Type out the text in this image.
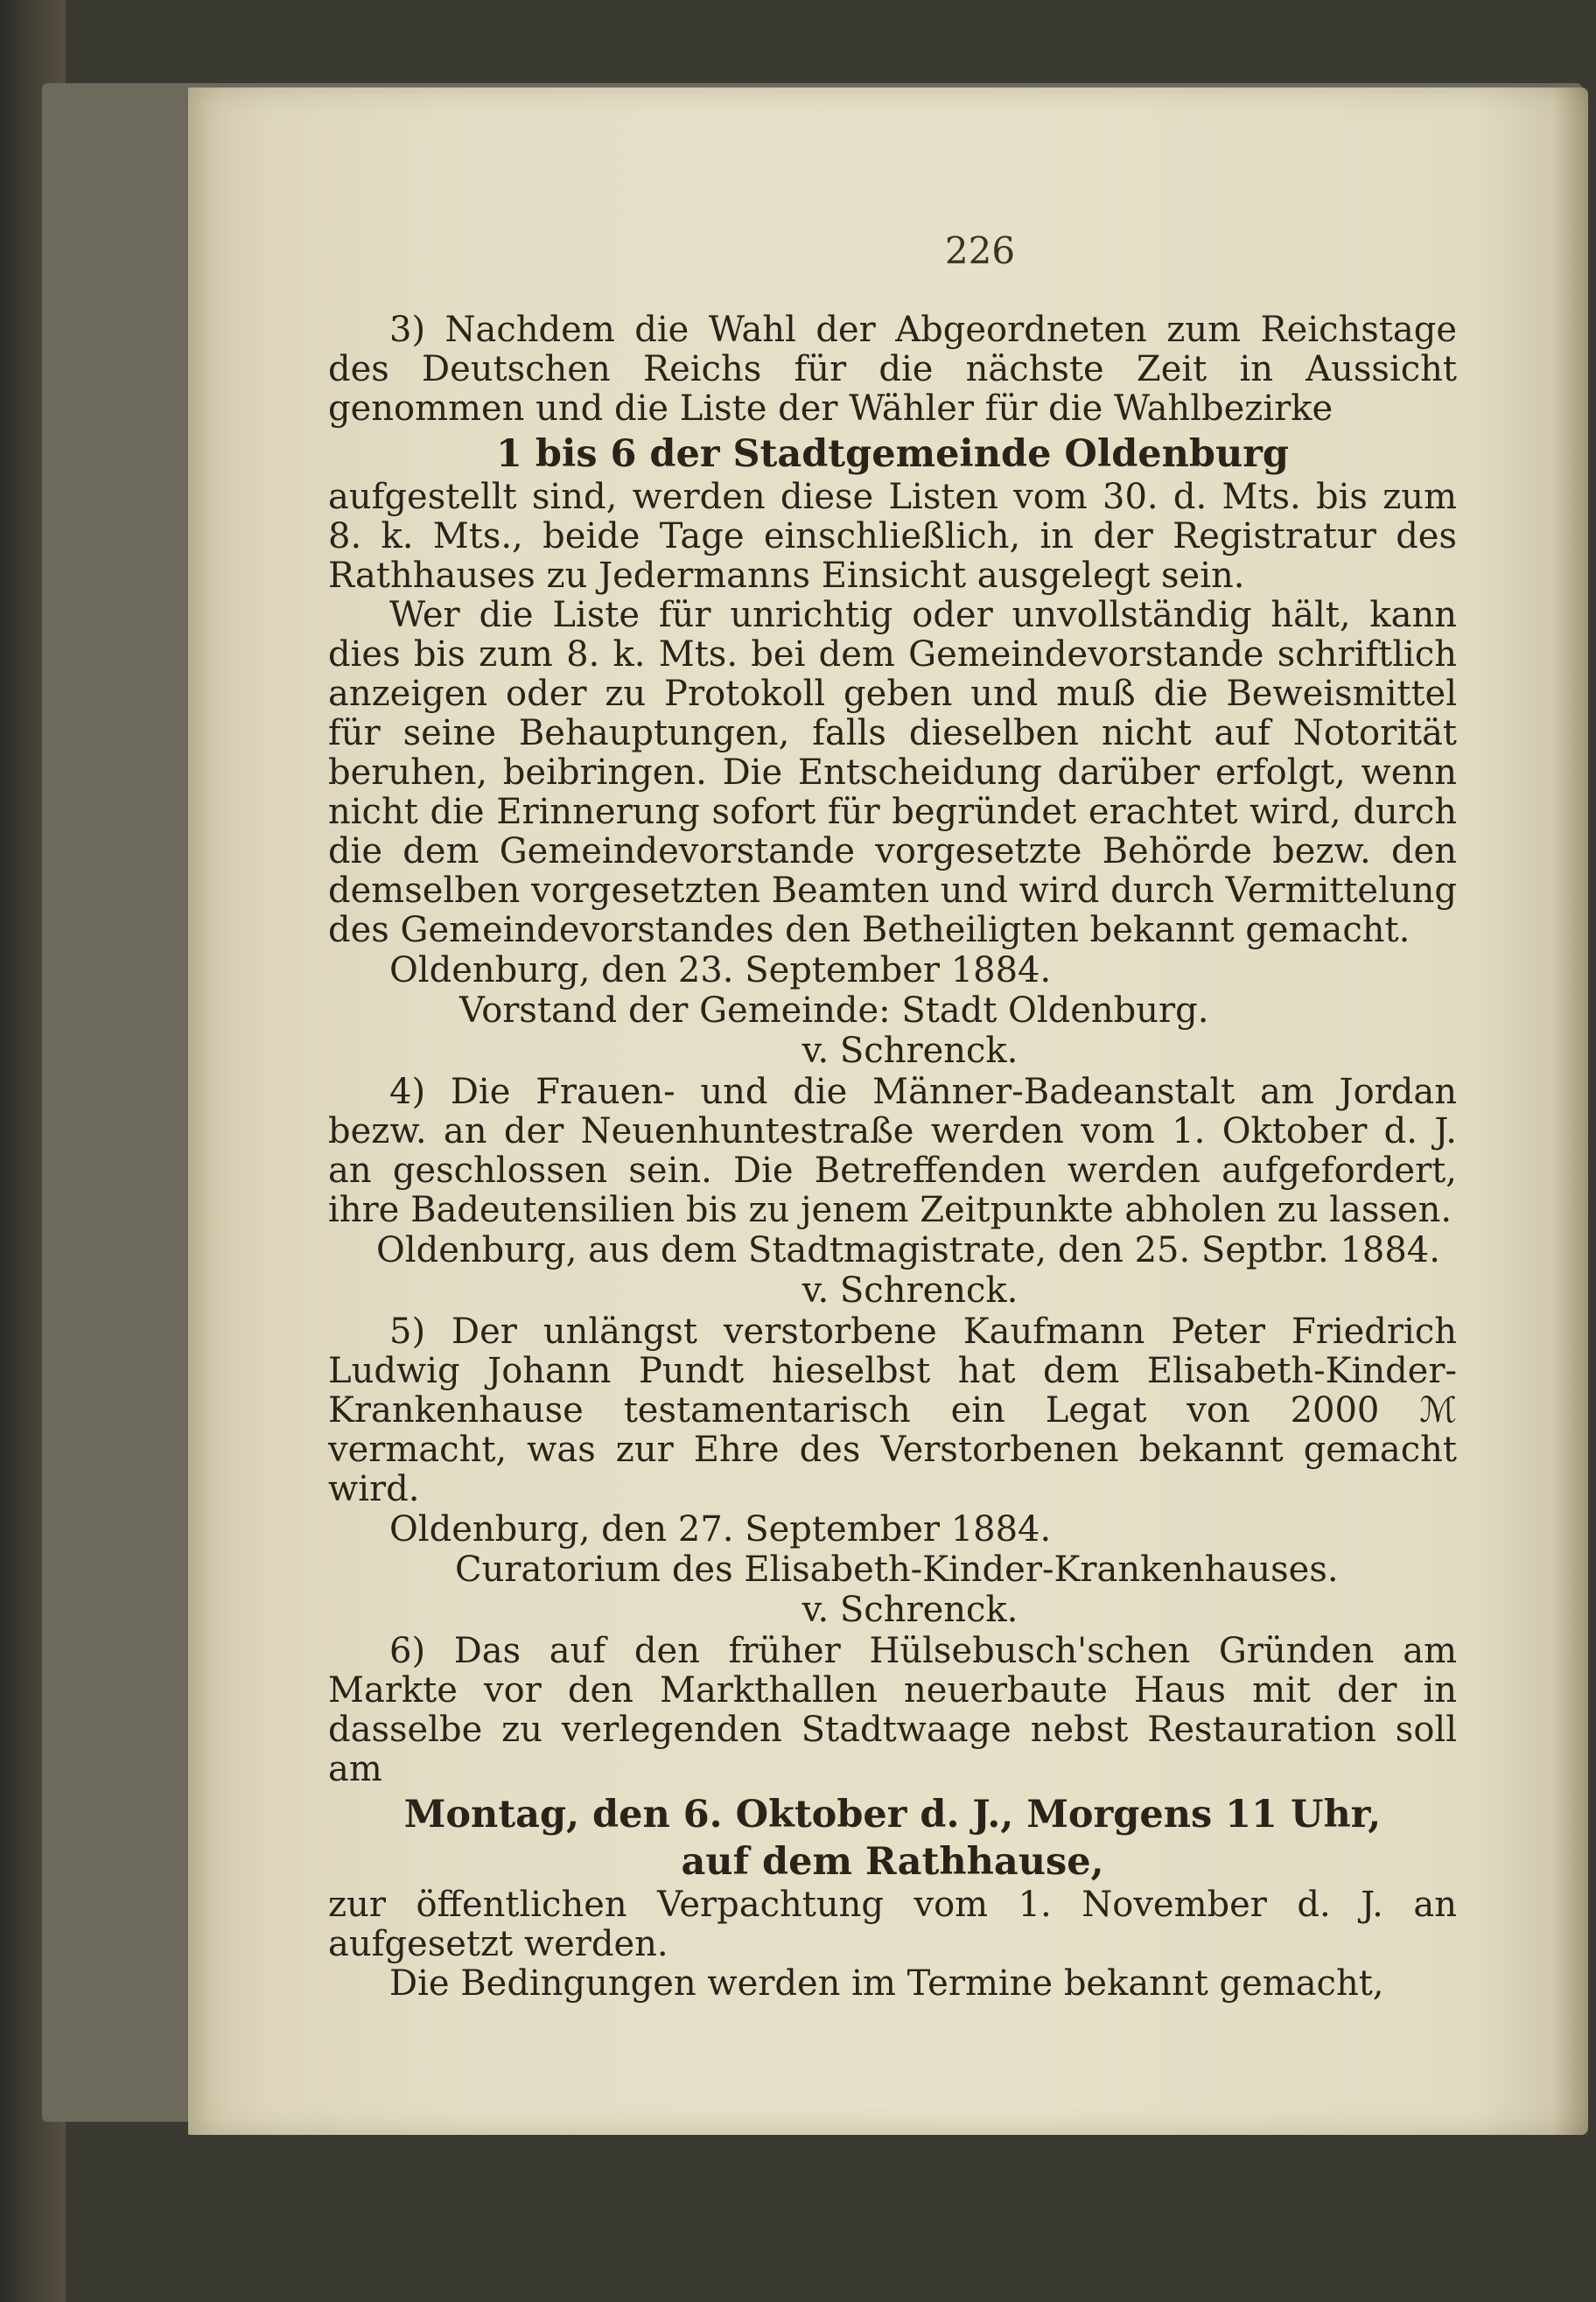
226

3) Nachdem die Wahl der Abgeordneten zum Reichstage des Deutschen Reichs für die nächste Zeit in Aussicht genommen und die Liste der Wähler für die Wahlbezirke

1 bis 6 der Stadtgemeinde Oldenburg

aufgestellt sind, werden diese Listen vom 30. d. Mts. bis zum 8. k. Mts., beide Tage einschließlich, in der Registratur des Rathhauses zu Jedermanns Einsicht ausgelegt sein.

Wer die Liste für unrichtig oder unvollständig hält, kann dies bis zum 8. k. Mts. bei dem Gemeindevorstande schriftlich anzeigen oder zu Protokoll geben und muß die Beweismittel für seine Behauptungen, falls dieselben nicht auf Notorität beruhen, beibringen. Die Entscheidung darüber erfolgt, wenn nicht die Erinnerung sofort für begründet erachtet wird, durch die dem Gemeindevorstande vorgesetzte Behörde bezw. den demselben vorgesetzten Beamten und wird durch Vermittelung des Gemeindevorstandes den Betheiligten bekannt gemacht.

Oldenburg, den 23. September 1884.

Vorstand der Gemeinde: Stadt Oldenburg.

v. Schrenck.

4) Die Frauen- und die Männer-Badeanstalt am Jordan bezw. an der Neuenhuntestraße werden vom 1. Oktober d. J. an geschlossen sein. Die Betreffenden werden aufgefordert, ihre Badeutensilien bis zu jenem Zeitpunkte abholen zu lassen.

Oldenburg, aus dem Stadtmagistrate, den 25. Septbr. 1884.

v. Schrenck.

5) Der unlängst verstorbene Kaufmann Peter Friedrich Ludwig Johann Pundt hieselbst hat dem Elisabeth-Kinder-Krankenhause testamentarisch ein Legat von 2000 ℳ vermacht, was zur Ehre des Verstorbenen bekannt gemacht wird.

Oldenburg, den 27. September 1884.

Curatorium des Elisabeth-Kinder-Krankenhauses.

v. Schrenck.

6) Das auf den früher Hülsebusch'schen Gründen am Markte vor den Markthallen neuerbaute Haus mit der in dasselbe zu verlegenden Stadtwaage nebst Restauration soll am

Montag, den 6. Oktober d. J., Morgens 11 Uhr,

auf dem Rathhause,

zur öffentlichen Verpachtung vom 1. November d. J. an aufgesetzt werden.

Die Bedingungen werden im Termine bekannt gemacht,
